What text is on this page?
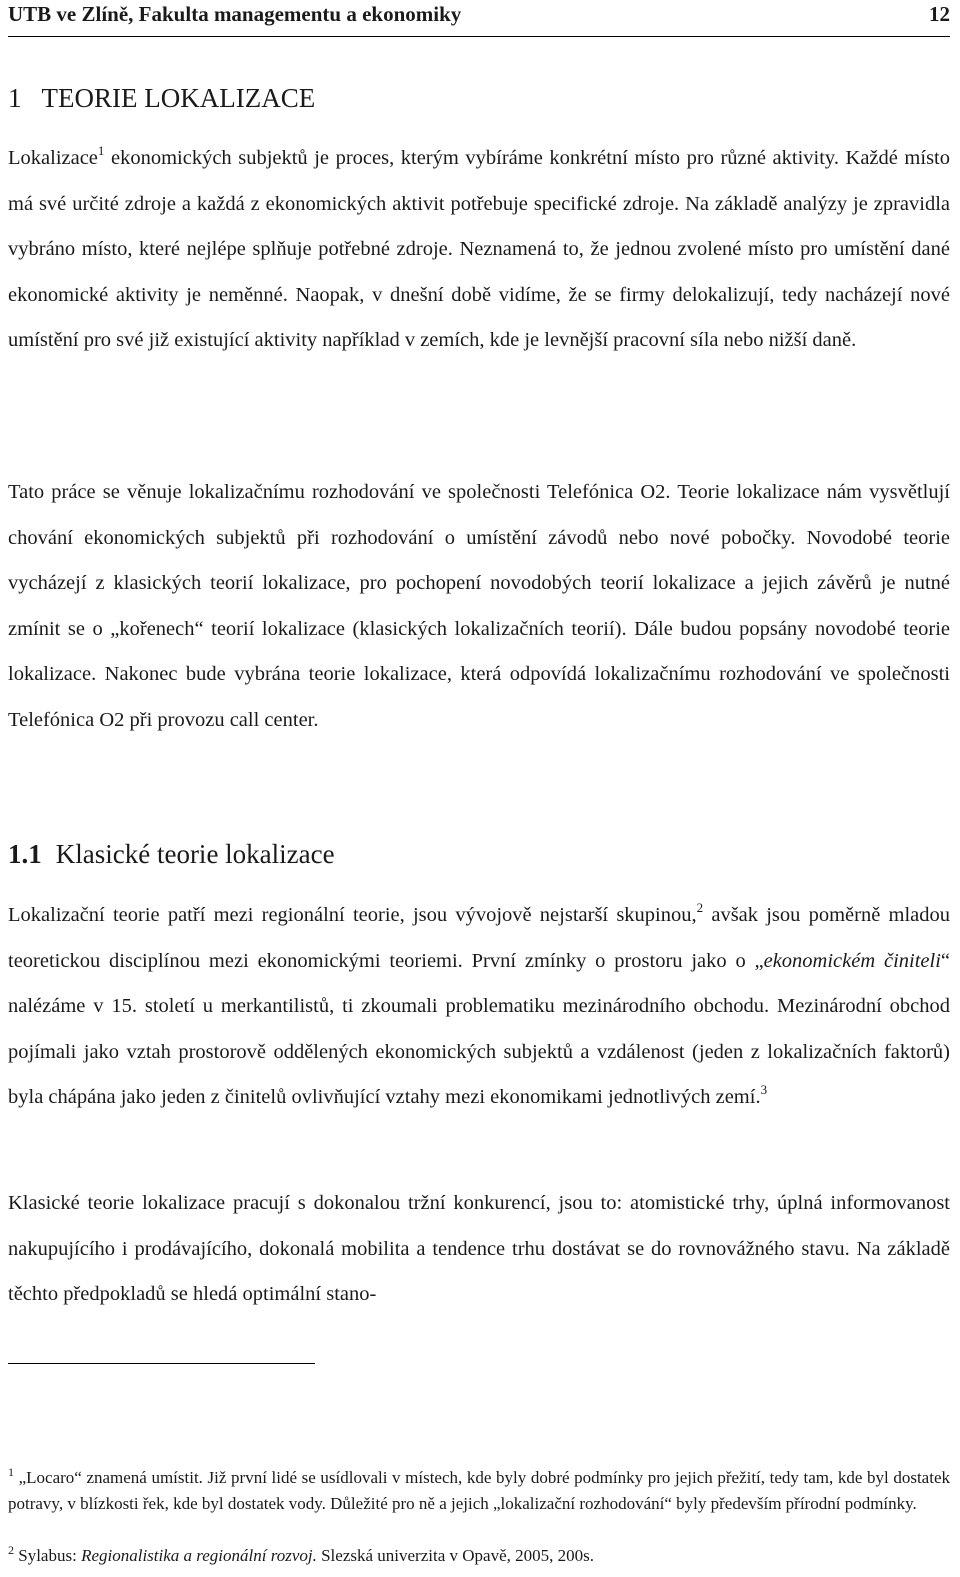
UTB ve Zlíně, Fakulta managementu a ekonomiky	12
1 TEORIE LOKALIZACE

Lokalizace$^1$ ekonomických subjektů je proces, kterým vybíráme konkrétní místo pro různé aktivity. Každé místo má své určité zdroje a každá z ekonomických aktivit potřebuje specifické zdroje. Na základě analýzy je zpravidla vybráno místo, které nejlépe splňuje potřebné zdroje. Neznamená to, že jednou zvolené místo pro umístění dané ekonomické aktivity je neměnné. Naopak, v dnešní době vidíme, že se firmy delokalizují, tedy nacházejí nové umístění pro své již existující aktivity například v zemích, kde je levnější pracovní síla nebo nižší daně.

Tato práce se věnuje lokalizačnímu rozhodování ve společnosti Telefónica O2. Teorie lokalizace nám vysvětlují chování ekonomických subjektů při rozhodování o umístění závodů nebo nové pobočky. Novodobé teorie vycházejí z klasických teorií lokalizace, pro pochopení novodobých teorií lokalizace a jejich závěrů je nutné zmínit se o „kořenech“ teorií lokalizace (klasických lokalizačních teorií). Dále budou popsány novodobé teorie lokalizace. Nakonec bude vybrána teorie lokalizace, která odpovídá lokalizačnímu rozhodování ve společnosti Telefónica O2 při provozu call center.

1.1 Klasické teorie lokalizace

Lokalizační teorie patří mezi regionální teorie, jsou vývojově nejstarší skupinou,$^2$ avšak jsou poměrně mladou teoretickou disciplínou mezi ekonomickými teoriemi. První zmínky o prostoru jako o „ekonomickém činiteli“ nalézáme v 15. století u merkantilistů, ti zkoumali problematiku mezinárodního obchodu. Mezinárodní obchod pojímali jako vztah prostorově oddělených ekonomických subjektů a vzdálenost (jeden z lokalizačních faktorů) byla chápána jako jeden z činitelů ovlivňující vztahy mezi ekonomikami jednotlivých zemí.$^3$

Klasické teorie lokalizace pracují s dokonalou tržní konkurencí, jsou to: atomistické trhy, úplná informovanost nakupujícího i prodávajícího, dokonalá mobilita a tendence trhu dostávat se do rovnovážného stavu. Na základě těchto předpokladů se hledá optimální stano-

$^1$ „Locaro“ znamená umístit. Již první lidé se usídlovali v místech, kde byly dobré podmínky pro jejich přežití, tedy tam, kde byl dostatek potravy, v blízkosti řek, kde byl dostatek vody. Důležité pro ně a jejich „lokalizační rozhodování“ byly především přírodní podmínky.
$^2$ Sylabus: Regionalistika a regionální rozvoj. Slezská univerzita v Opavě, 2005, 200s.
